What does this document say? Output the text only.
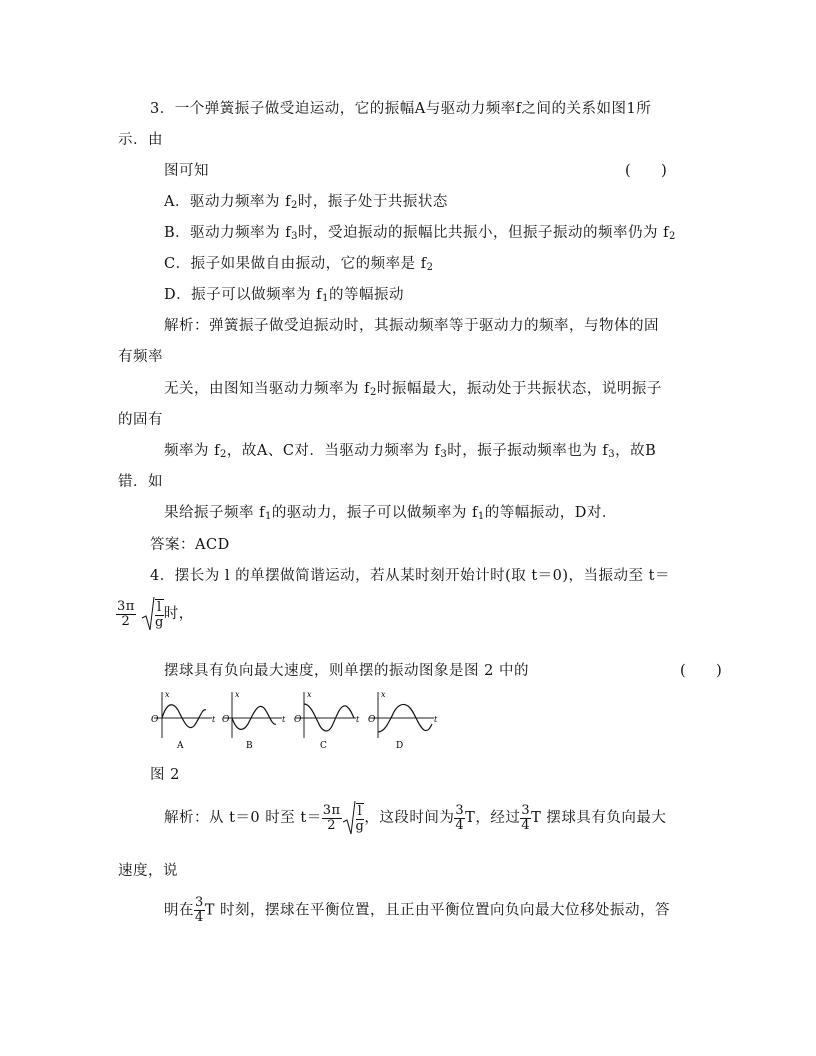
3．一个弹簧振子做受迫运动，它的振幅A与驱动力频率f之间的关系如图1所
示．由
图可知	(　　)
A．驱动力频率为 $f_2$时，振子处于共振状态
B．驱动力频率为 $f_3$时，受迫振动的振幅比共振小，但振子振动的频率仍为 $f_2$
C．振子如果做自由振动，它的频率是 $f_2$
D．振子可以做频率为 $f_1$的等幅振动
解析：弹簧振子做受迫振动时，其振动频率等于驱动力的频率，与物体的固
有频率
无关，由图知当驱动力频率为 $f_2$时振幅最大，振动处于共振状态，说明振子
的固有
频率为 $f_2$，故A、C对．当驱动力频率为 $f_3$时，振子振动频率也为 $f_3$，故B
错．如
果给振子频率 $f_1$的驱动力，振子可以做频率为 $f_1$的等幅振动，D对．
答案：ACD
4．摆长为 l 的单摆做简谐运动，若从某时刻开始计时(取 t＝0)，当振动至 t＝
$\frac{3\pi}{2}$
$\frac{l}{g}$ 时，
摆球具有负向最大速度，则单摆的振动图象是图 2 中的	(　　)
O
x
t
A
O
x
t
B
O
x
t
C
O
x
t
D
图 2
解析：从 t＝0 时至 $t= \frac{3\pi}{2} \frac{l}{g}$ ，这段时间为 $\frac{3}{4}$ T，经过 $\frac{3}{4}$ T 摆球具有负向最大
速度，说
明在 $\frac{3}{4}$ T 时刻，摆球在平衡位置，且正由平衡位置向负向最大位移处振动，答
